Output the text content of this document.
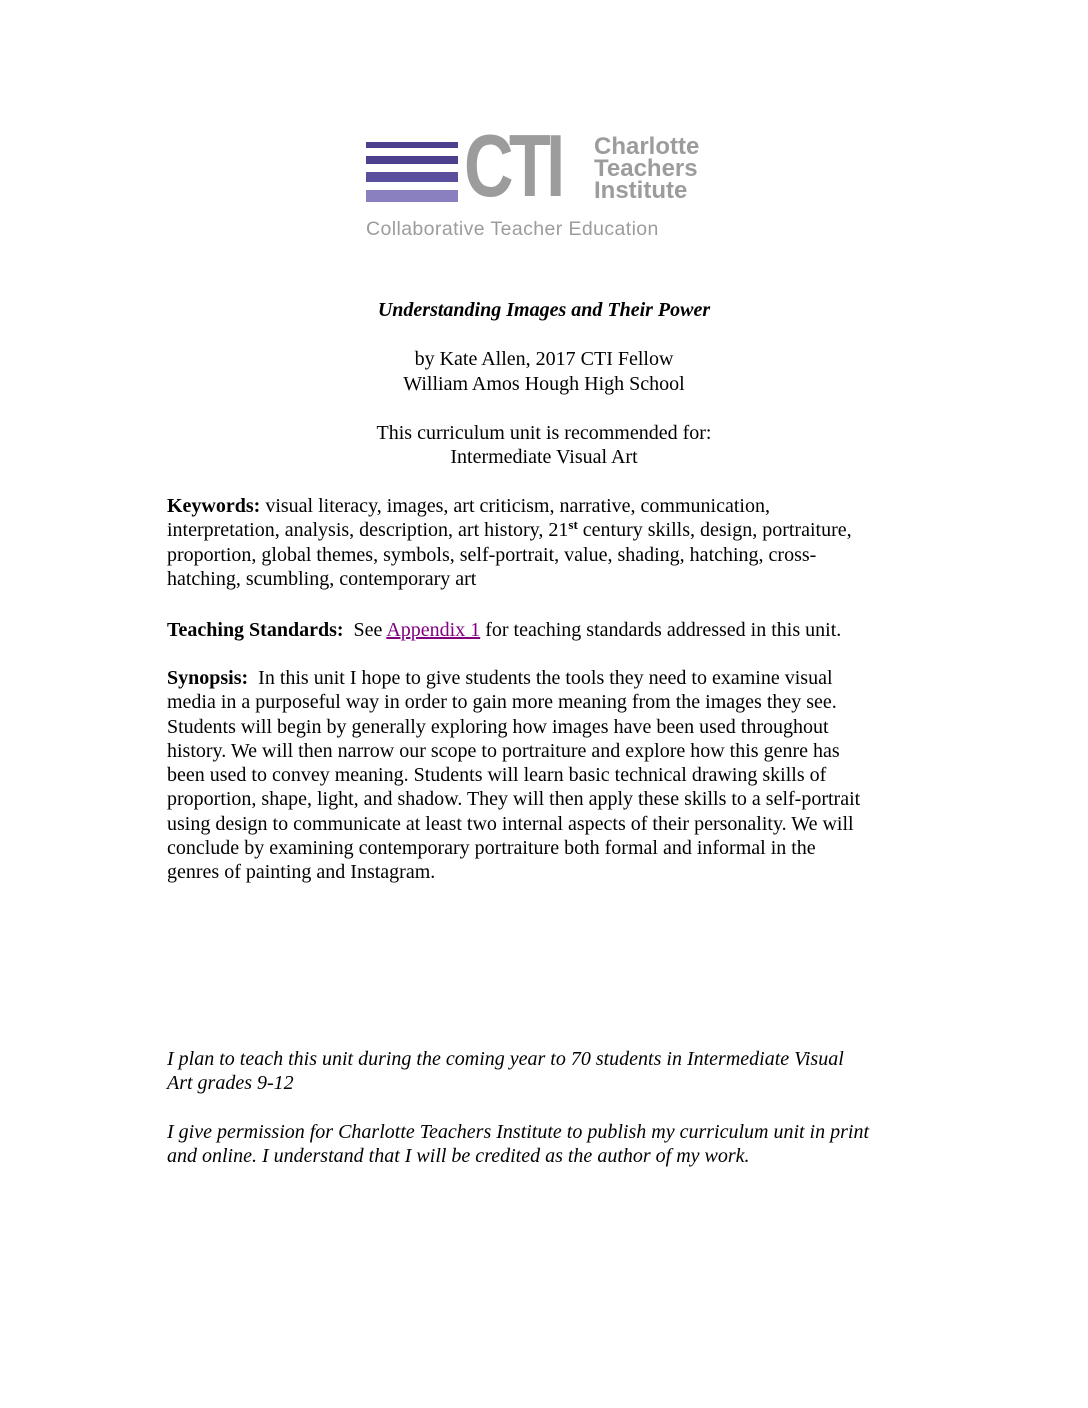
CTI Charlotte
Teachers
Institute
Collaborative Teacher Education
Understanding Images and Their Power
by Kate Allen, 2017 CTI Fellow
William Amos Hough High School
This curriculum unit is recommended for:
Intermediate Visual Art
Keywords: visual literacy, images, art criticism, narrative, communication,
interpretation, analysis, description, art history, 21st century skills, design, portraiture,
proportion, global themes, symbols, self-portrait, value, shading, hatching, cross-
hatching, scumbling, contemporary art
Teaching Standards:  See Appendix 1 for teaching standards addressed in this unit.
Synopsis:  In this unit I hope to give students the tools they need to examine visual
media in a purposeful way in order to gain more meaning from the images they see.
Students will begin by generally exploring how images have been used throughout
history. We will then narrow our scope to portraiture and explore how this genre has
been used to convey meaning. Students will learn basic technical drawing skills of
proportion, shape, light, and shadow. They will then apply these skills to a self-portrait
using design to communicate at least two internal aspects of their personality. We will
conclude by examining contemporary portraiture both formal and informal in the
genres of painting and Instagram.
I plan to teach this unit during the coming year to 70 students in Intermediate Visual
Art grades 9-12
I give permission for Charlotte Teachers Institute to publish my curriculum unit in print
and online. I understand that I will be credited as the author of my work.
